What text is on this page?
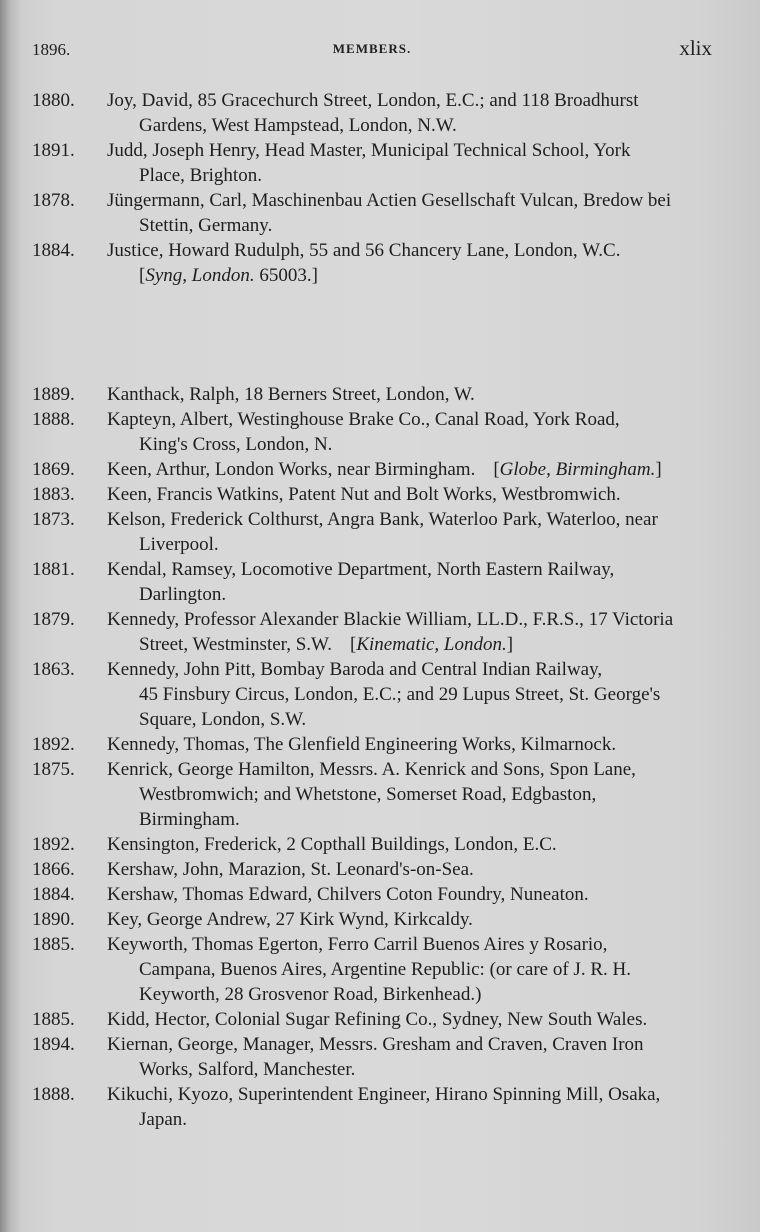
1896.	MEMBERS.	xlix
1880. Joy, David, 85 Gracechurch Street, London, E.C.; and 118 Broadhurst
Gardens, West Hampstead, London, N.W.
1891. Judd, Joseph Henry, Head Master, Municipal Technical School, York
Place, Brighton.
1878. Jüngermann, Carl, Maschinenbau Actien Gesellschaft Vulcan, Bredow bei
Stettin, Germany.
1884. Justice, Howard Rudulph, 55 and 56 Chancery Lane, London, W.C.
[Syng, London. 65003.]
1889. Kanthack, Ralph, 18 Berners Street, London, W.
1888. Kapteyn, Albert, Westinghouse Brake Co., Canal Road, York Road,
King's Cross, London, N.
1869. Keen, Arthur, London Works, near Birmingham. [Globe, Birmingham.]
1883. Keen, Francis Watkins, Patent Nut and Bolt Works, Westbromwich.
1873. Kelson, Frederick Colthurst, Angra Bank, Waterloo Park, Waterloo, near
Liverpool.
1881. Kendal, Ramsey, Locomotive Department, North Eastern Railway,
Darlington.
1879. Kennedy, Professor Alexander Blackie William, LL.D., F.R.S., 17 Victoria
Street, Westminster, S.W. [Kinematic, London.]
1863. Kennedy, John Pitt, Bombay Baroda and Central Indian Railway,
45 Finsbury Circus, London, E.C.; and 29 Lupus Street, St. George's
Square, London, S.W.
1892. Kennedy, Thomas, The Glenfield Engineering Works, Kilmarnock.
1875. Kenrick, George Hamilton, Messrs. A. Kenrick and Sons, Spon Lane,
Westbromwich; and Whetstone, Somerset Road, Edgbaston,
Birmingham.
1892. Kensington, Frederick, 2 Copthall Buildings, London, E.C.
1866. Kershaw, John, Marazion, St. Leonard's-on-Sea.
1884. Kershaw, Thomas Edward, Chilvers Coton Foundry, Nuneaton.
1890. Key, George Andrew, 27 Kirk Wynd, Kirkcaldy.
1885. Keyworth, Thomas Egerton, Ferro Carril Buenos Aires y Rosario,
Campana, Buenos Aires, Argentine Republic: (or care of J. R. H.
Keyworth, 28 Grosvenor Road, Birkenhead.)
1885. Kidd, Hector, Colonial Sugar Refining Co., Sydney, New South Wales.
1894. Kiernan, George, Manager, Messrs. Gresham and Craven, Craven Iron
Works, Salford, Manchester.
1888. Kikuchi, Kyozo, Superintendent Engineer, Hirano Spinning Mill, Osaka,
Japan.
